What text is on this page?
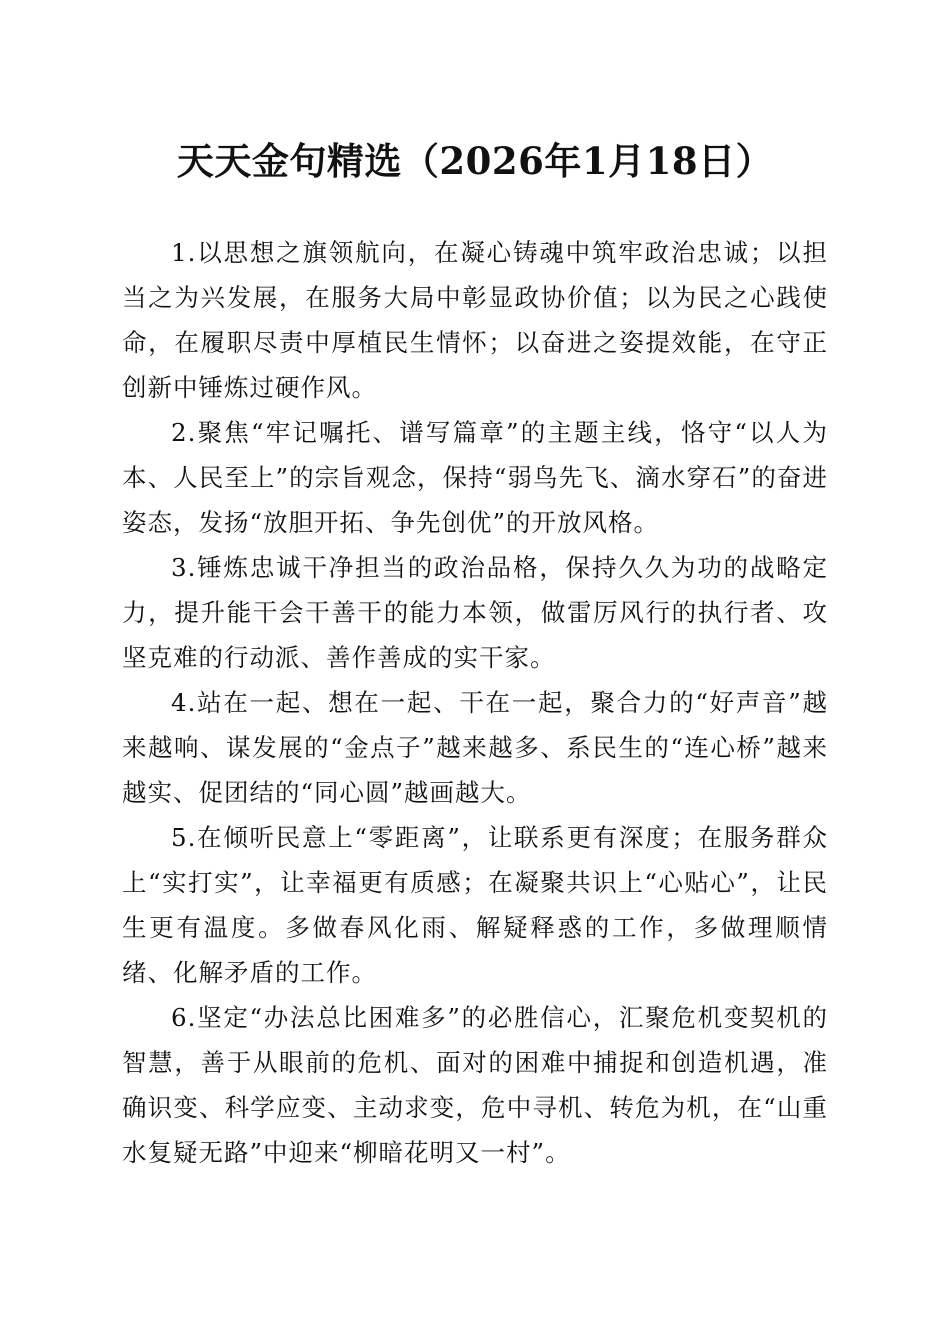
天天金句精选（2026年1月18日）

1.以思想之旗领航向，在凝心铸魂中筑牢政治忠诚；以担当之为兴发展，在服务大局中彰显政协价值；以为民之心践使命，在履职尽责中厚植民生情怀；以奋进之姿提效能，在守正创新中锤炼过硬作风。

2.聚焦“牢记嘱托、谱写篇章”的主题主线，恪守“以人为本、人民至上”的宗旨观念，保持“弱鸟先飞、滴水穿石”的奋进姿态，发扬“放胆开拓、争先创优”的开放风格。

3.锤炼忠诚干净担当的政治品格，保持久久为功的战略定力，提升能干会干善干的能力本领，做雷厉风行的执行者、攻坚克难的行动派、善作善成的实干家。

4.站在一起、想在一起、干在一起，聚合力的“好声音”越来越响、谋发展的“金点子”越来越多、系民生的“连心桥”越来越实、促团结的“同心圆”越画越大。

5.在倾听民意上“零距离”，让联系更有深度；在服务群众上“实打实”，让幸福更有质感；在凝聚共识上“心贴心”，让民生更有温度。多做春风化雨、解疑释惑的工作，多做理顺情绪、化解矛盾的工作。

6.坚定“办法总比困难多”的必胜信心，汇聚危机变契机的智慧，善于从眼前的危机、面对的困难中捕捉和创造机遇，准确识变、科学应变、主动求变，危中寻机、转危为机，在“山重水复疑无路”中迎来“柳暗花明又一村”。
